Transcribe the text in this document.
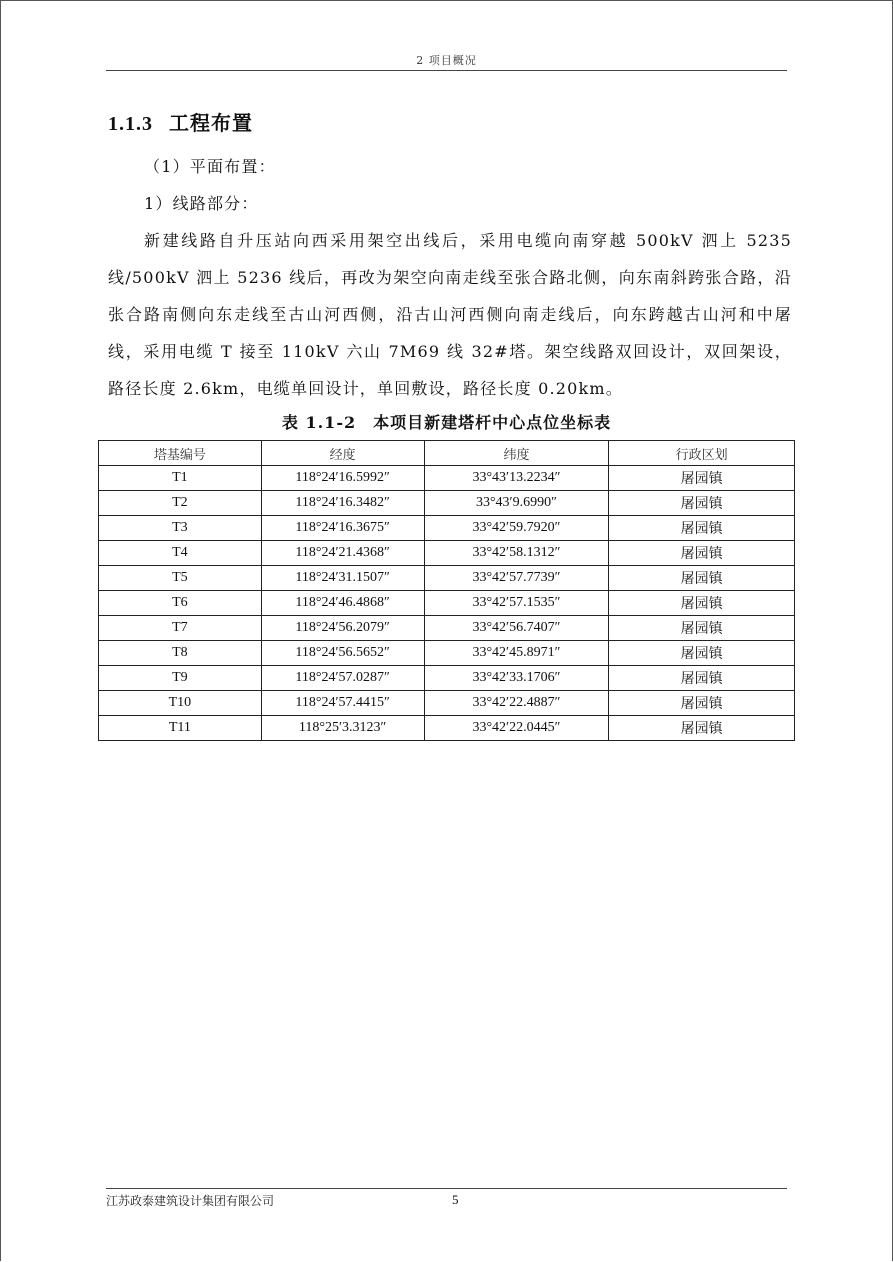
2 项目概况
1.1.3 工程布置
（1）平面布置：
1）线路部分：
新建线路自升压站向西采用架空出线后，采用电缆向南穿越 500kV 泗上 5235 线/500kV 泗上 5236 线后，再改为架空向南走线至张合路北侧，向东南斜跨张合路，沿张合路南侧向东走线至古山河西侧，沿古山河西侧向南走线后，向东跨越古山河和中屠线，采用电缆 T 接至 110kV 六山 7M69 线 32#塔。架空线路双回设计，双回架设，路径长度 2.6km，电缆单回设计，单回敷设，路径长度 0.20km。
表 1.1-2　本项目新建塔杆中心点位坐标表
塔基编号	经度	纬度	行政区划
T1	118°24′16.5992″	33°43′13.2234″	屠园镇
T2	118°24′16.3482″	33°43′9.6990″	屠园镇
T3	118°24′16.3675″	33°42′59.7920″	屠园镇
T4	118°24′21.4368″	33°42′58.1312″	屠园镇
T5	118°24′31.1507″	33°42′57.7739″	屠园镇
T6	118°24′46.4868″	33°42′57.1535″	屠园镇
T7	118°24′56.2079″	33°42′56.7407″	屠园镇
T8	118°24′56.5652″	33°42′45.8971″	屠园镇
T9	118°24′57.0287″	33°42′33.1706″	屠园镇
T10	118°24′57.4415″	33°42′22.4887″	屠园镇
T11	118°25′3.3123″	33°42′22.0445″	屠园镇
江苏政泰建筑设计集团有限公司	5
